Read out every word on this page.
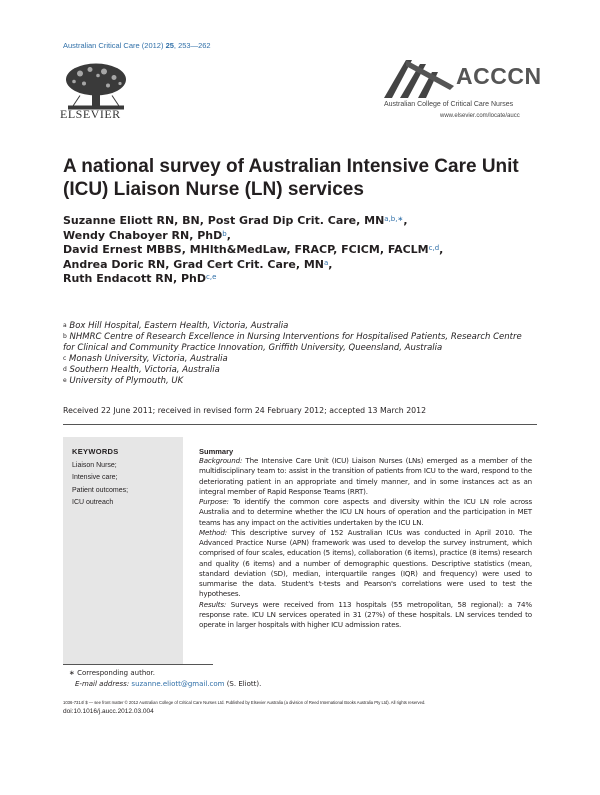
Australian Critical Care (2012) 25, 253—262
ELSEVIER
ACCCN
Australian College of Critical Care Nurses
www.elsevier.com/locate/aucc
A national survey of Australian Intensive Care Unit (ICU) Liaison Nurse (LN) services
Suzanne Eliott RN, BN, Post Grad Dip Crit. Care, $MN^{a,b,∗}$,
Wendy Chaboyer RN, PhD$^b$,
David Ernest MBBS, MHlth&MedLaw, FRACP, FCICM, FACLM$^{c,d}$,
Andrea Doric RN, Grad Cert Crit. Care, $MN^a$,
Ruth Endacott RN, PhD$^{c,e}$
$^a$ Box Hill Hospital, Eastern Health, Victoria, Australia
$^b$ NHMRC Centre of Research Excellence in Nursing Interventions for Hospitalised Patients, Research Centre for Clinical and Community Practice Innovation, Griffith University, Queensland, Australia
$^c$ Monash University, Victoria, Australia
$^d$ Southern Health, Victoria, Australia
$^e$ University of Plymouth, UK
Received 22 June 2011; received in revised form 24 February 2012; accepted 13 March 2012
KEYWORDS
Liaison Nurse;
Intensive care;
Patient outcomes;
ICU outreach
Summary

Background: The Intensive Care Unit (ICU) Liaison Nurses (LNs) emerged as a member of the multidisciplinary team to: assist in the transition of patients from ICU to the ward, respond to the deteriorating patient in an appropriate and timely manner, and in some instances act as an integral member of Rapid Response Teams (RRT).

Purpose: To identify the common core aspects and diversity within the ICU LN role across Australia and to determine whether the ICU LN hours of operation and the participation in MET teams has any impact on the activities undertaken by the ICU LN.

Method: This descriptive survey of 152 Australian ICUs was conducted in April 2010. The Advanced Practice Nurse (APN) framework was used to develop the survey instrument, which comprised of four scales, education (5 items), collaboration (6 items), practice (8 items) research and quality (6 items) and a number of demographic questions. Descriptive statistics (mean, standard deviation (SD), median, interquartile ranges (IQR) and frequency) were used to summarise the data. Student's t-tests and Pearson's correlations were used to test the hypotheses.

Results: Surveys were received from 113 hospitals (55 metropolitan, 58 regional): a 74% response rate. ICU LN services operated in 31 (27%) of these hospitals. LN services tended to operate in larger hospitals with higher ICU admission rates.

∗ Corresponding author.
E-mail address: suzanne.eliott@gmail.com (S. Eliott).
1036-7314/ $ — see front matter © 2012 Australian College of Critical Care Nurses Ltd. Published by Elsevier Australia (a division of Reed International Books Australia Pty Ltd). All rights reserved.
doi:10.1016/j.aucc.2012.03.004
